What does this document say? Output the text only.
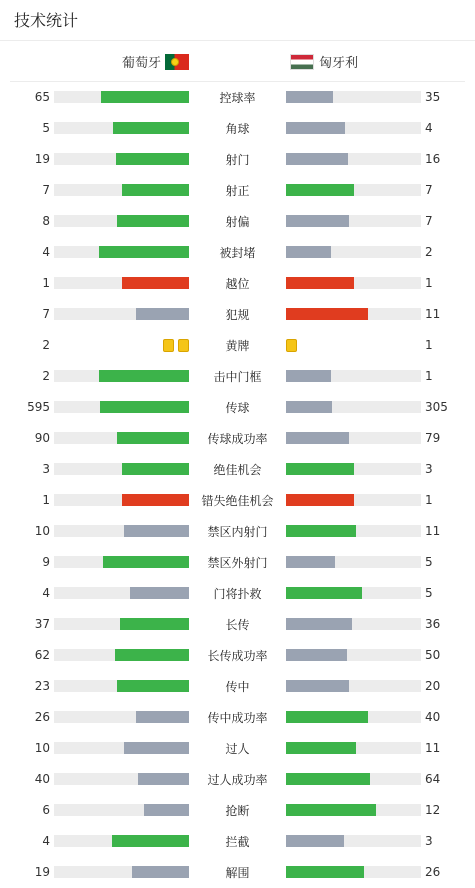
技术统计
葡萄牙	匈牙利
65	控球率	35
5	角球	4
19	射门	16
7	射正	7
8	射偏	7
4	被封堵	2
1	越位	1
7	犯规	11
2	黄牌	1
2	击中门框	1
595	传球	305
90	传球成功率	79
3	绝佳机会	3
1	错失绝佳机会	1
10	禁区内射门	11
9	禁区外射门	5
4	门将扑救	5
37	长传	36
62	长传成功率	50
23	传中	20
26	传中成功率	40
10	过人	11
40	过人成功率	64
6	抢断	12
4	拦截	3
19	解围	26
